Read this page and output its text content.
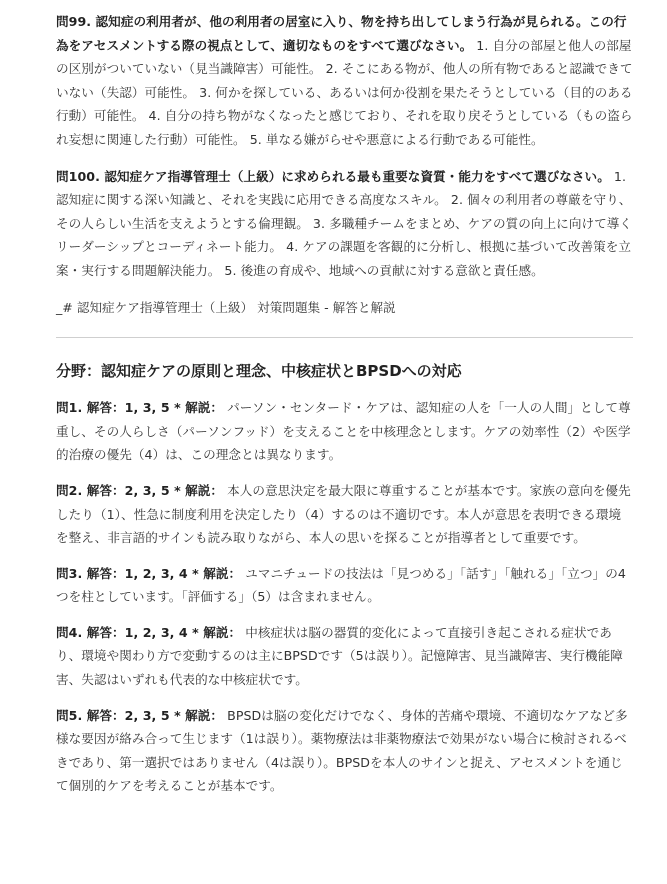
問99. 認知症の利用者が、他の利用者の居室に入り、物を持ち出してしまう行為が見られる。この行為をアセスメントする際の視点として、適切なものをすべて選びなさい。 1. 自分の部屋と他人の部屋の区別がついていない（見当識障害）可能性。 2. そこにある物が、他人の所有物であると認識できていない（失認）可能性。 3. 何かを探している、あるいは何か役割を果たそうとしている（目的のある行動）可能性。 4. 自分の持ち物がなくなったと感じており、それを取り戻そうとしている（もの盗られ妄想に関連した行動）可能性。 5. 単なる嫌がらせや悪意による行動である可能性。

問100. 認知症ケア指導管理士（上級）に求められる最も重要な資質・能力をすべて選びなさい。 1. 認知症に関する深い知識と、それを実践に応用できる高度なスキル。 2. 個々の利用者の尊厳を守り、その人らしい生活を支えようとする倫理観。 3. 多職種チームをまとめ、ケアの質の向上に向けて導くリーダーシップとコーディネート能力。 4. ケアの課題を客観的に分析し、根拠に基づいて改善策を立案・実行する問題解決能力。 5. 後進の育成や、地域への貢献に対する意欲と責任感。

_# 認知症ケア指導管理士（上級） 対策問題集 - 解答と解説

分野：認知症ケアの原則と理念、中核症状とBPSDへの対応

問1. 解答：1, 3, 5 * 解説： パーソン・センタード・ケアは、認知症の人を「一人の人間」として尊重し、その人らしさ（パーソンフッド）を支えることを中核理念とします。ケアの効率性（2）や医学的治療の優先（4）は、この理念とは異なります。

問2. 解答：2, 3, 5 * 解説： 本人の意思決定を最大限に尊重することが基本です。家族の意向を優先したり（1）、性急に制度利用を決定したり（4）するのは不適切です。本人が意思を表明できる環境を整え、非言語的サインも読み取りながら、本人の思いを探ることが指導者として重要です。

問3. 解答：1, 2, 3, 4 * 解説： ユマニチュードの技法は「見つめる」「話す」「触れる」「立つ」の4つを柱としています。「評価する」（5）は含まれません。

問4. 解答：1, 2, 3, 4 * 解説： 中核症状は脳の器質的変化によって直接引き起こされる症状であり、環境や関わり方で変動するのは主にBPSDです（5は誤り）。記憶障害、見当識障害、実行機能障害、失認はいずれも代表的な中核症状です。

問5. 解答：2, 3, 5 * 解説： BPSDは脳の変化だけでなく、身体的苦痛や環境、不適切なケアなど多様な要因が絡み合って生じます（1は誤り）。薬物療法は非薬物療法で効果がない場合に検討されるべきであり、第一選択ではありません（4は誤り）。BPSDを本人のサインと捉え、アセスメントを通じて個別的ケアを考えることが基本です。
